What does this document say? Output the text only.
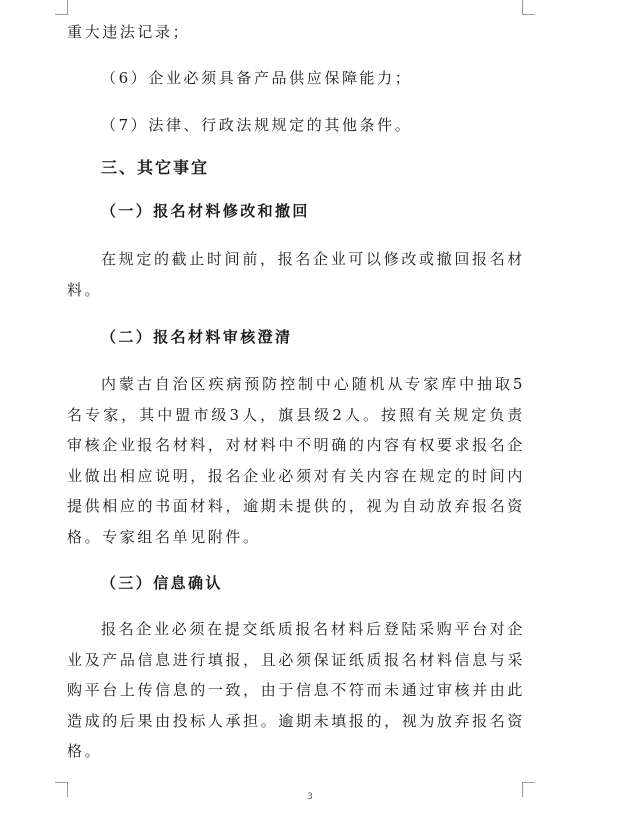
重大违法记录；

（6）企业必须具备产品供应保障能力；

（7）法律、行政法规规定的其他条件。

三、其它事宜

（一）报名材料修改和撤回

在规定的截止时间前，报名企业可以修改或撤回报名材料。

（二）报名材料审核澄清

内蒙古自治区疾病预防控制中心随机从专家库中抽取5名专家，其中盟市级3人，旗县级2人。按照有关规定负责审核企业报名材料，对材料中不明确的内容有权要求报名企业做出相应说明，报名企业必须对有关内容在规定的时间内提供相应的书面材料，逾期未提供的，视为自动放弃报名资格。专家组名单见附件。

（三）信息确认

报名企业必须在提交纸质报名材料后登陆采购平台对企业及产品信息进行填报，且必须保证纸质报名材料信息与采购平台上传信息的一致，由于信息不符而未通过审核并由此造成的后果由投标人承担。逾期未填报的，视为放弃报名资格。

3
